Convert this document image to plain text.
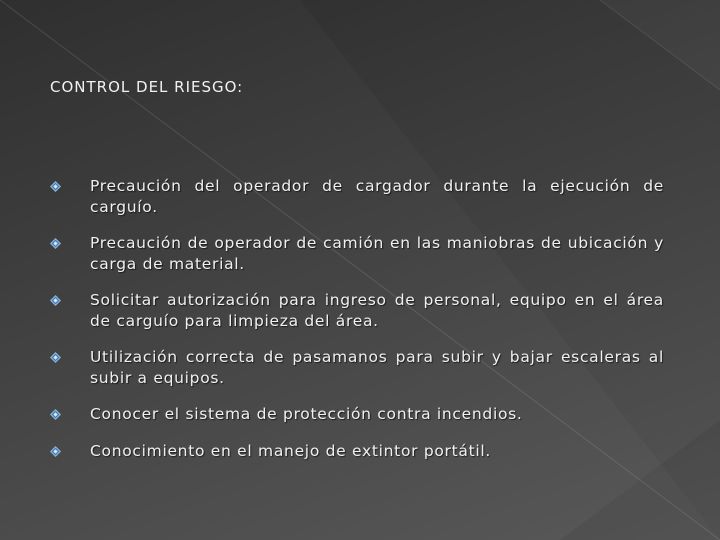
CONTROL DEL RIESGO:
Precaución del operador de cargador durante la ejecución de carguío.
Precaución de operador de camión en las maniobras de ubicación y carga de material.
Solicitar autorización para ingreso de personal, equipo en el área de carguío para limpieza del área.
Utilización correcta de pasamanos para subir y bajar escaleras al subir a equipos.
Conocer el sistema de protección contra incendios.
Conocimiento en el manejo de extintor portátil.
